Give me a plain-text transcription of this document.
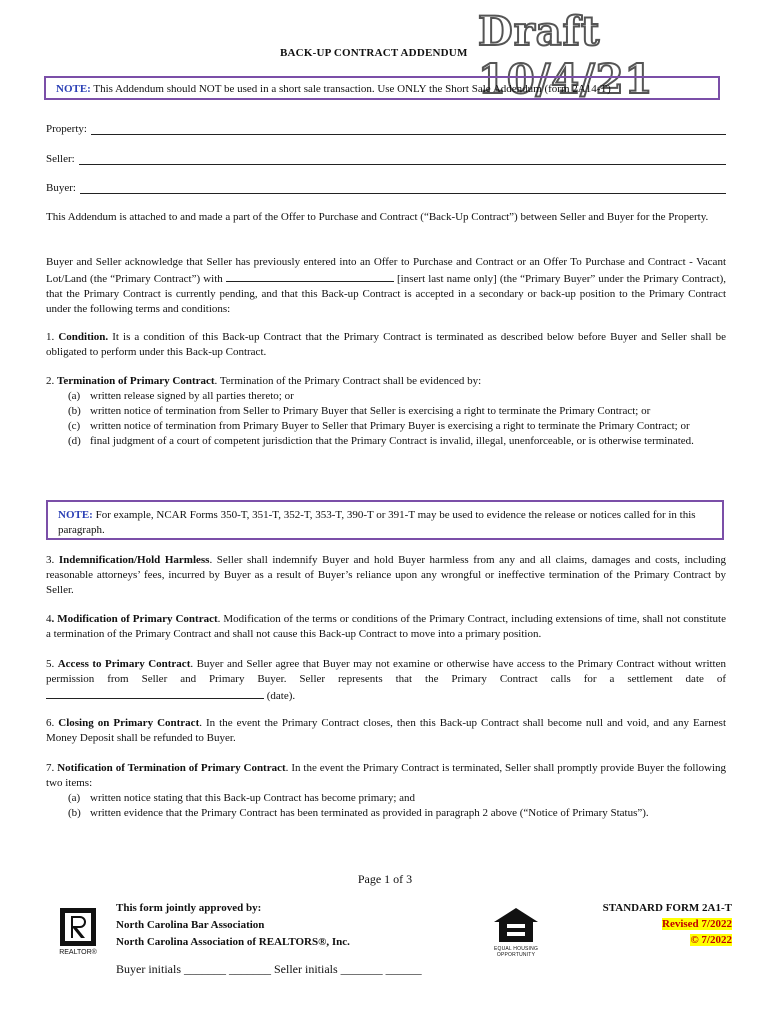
Draft 10/4/21
BACK-UP CONTRACT ADDENDUM
NOTE: This Addendum should NOT be used in a short sale transaction. Use ONLY the Short Sale Addendum (form 2A14-T)
Property:
Seller:
Buyer:
This Addendum is attached to and made a part of the Offer to Purchase and Contract (“Back-Up Contract”) between Seller and Buyer for the Property.
Buyer and Seller acknowledge that Seller has previously entered into an Offer to Purchase and Contract or an Offer To Purchase and Contract - Vacant Lot/Land (the “Primary Contract”) with	[insert last name only] (the “Primary Buyer” under the Primary Contract), that the Primary Contract is currently pending, and that this Back-up Contract is accepted in a secondary or back-up position to the Primary Contract under the following terms and conditions:
1. Condition. It is a condition of this Back-up Contract that the Primary Contract is terminated as described below before Buyer and Seller shall be obligated to perform under this Back-up Contract.
2. Termination of Primary Contract. Termination of the Primary Contract shall be evidenced by:
(a) written release signed by all parties thereto; or
(b) written notice of termination from Seller to Primary Buyer that Seller is exercising a right to terminate the Primary Contract; or
(c) written notice of termination from Primary Buyer to Seller that Primary Buyer is exercising a right to terminate the Primary Contract; or
(d) final judgment of a court of competent jurisdiction that the Primary Contract is invalid, illegal, unenforceable, or is otherwise terminated.
NOTE: For example, NCAR Forms 350-T, 351-T, 352-T, 353-T, 390-T or 391-T may be used to evidence the release or notices called for in this paragraph.
3. Indemnification/Hold Harmless. Seller shall indemnify Buyer and hold Buyer harmless from any and all claims, damages and costs, including reasonable attorneys’ fees, incurred by Buyer as a result of Buyer’s reliance upon any wrongful or ineffective termination of the Primary Contract by Seller.
4. Modification of Primary Contract. Modification of the terms or conditions of the Primary Contract, including extensions of time, shall not constitute a termination of the Primary Contract and shall not cause this Back-up Contract to move into a primary position.
5. Access to Primary Contract. Buyer and Seller agree that Buyer may not examine or otherwise have access to the Primary Contract without written permission from Seller and Primary Buyer. Seller represents that the Primary Contract calls for a settlement date of  (date).
6. Closing on Primary Contract. In the event the Primary Contract closes, then this Back-up Contract shall become null and void, and any Earnest Money Deposit shall be refunded to Buyer.
7. Notification of Termination of Primary Contract. In the event the Primary Contract is terminated, Seller shall promptly provide Buyer the following two items:
(a) written notice stating that this Back-up Contract has become primary; and
(b) written evidence that the Primary Contract has been terminated as provided in paragraph 2 above (“Notice of Primary Status”).
Page 1 of 3
REALTOR®
This form jointly approved by:
North Carolina Bar Association
North Carolina Association of REALTORS®, Inc.
EQUAL HOUSING OPPORTUNITY
STANDARD FORM 2A1-T
Revised 7/2022
© 7/2022
Buyer initials _______ _______ Seller initials _______ ______
